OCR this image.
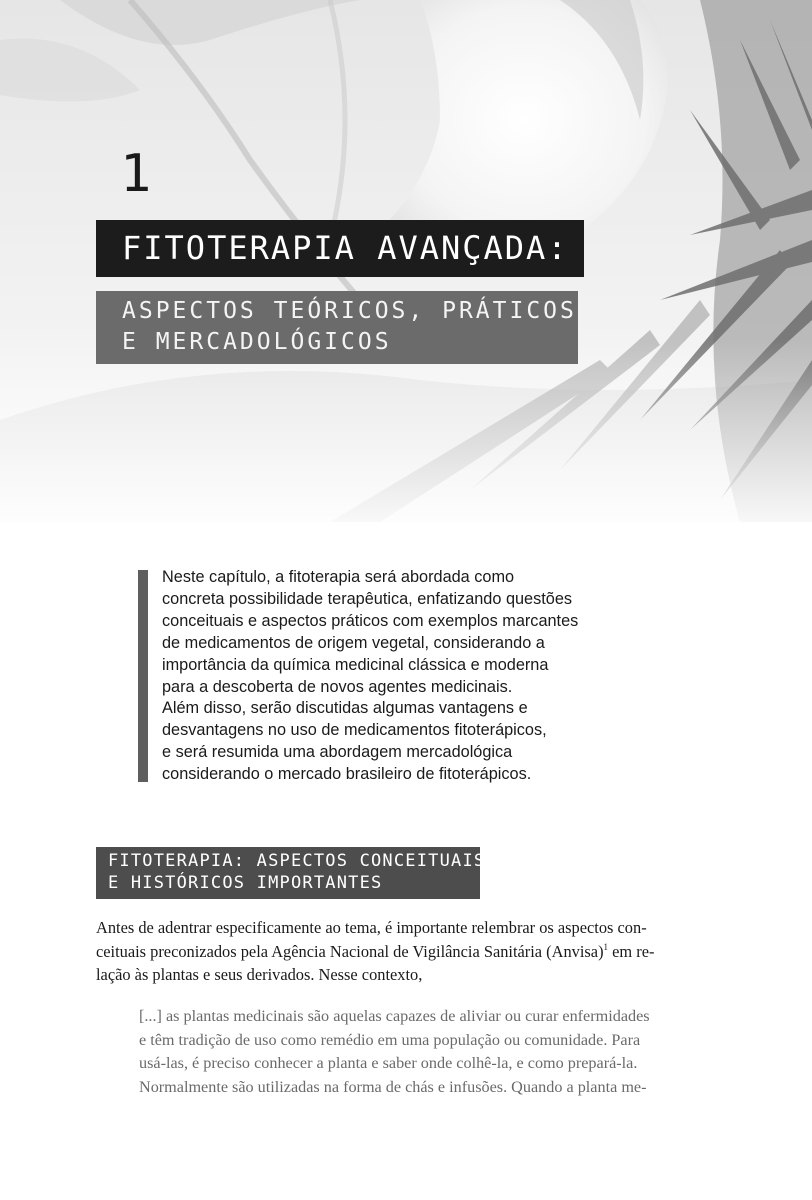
1
FITOTERAPIA AVANÇADA:
ASPECTOS TEÓRICOS, PRÁTICOS
E MERCADOLÓGICOS
Neste capítulo, a fitoterapia será abordada como
concreta possibilidade terapêutica, enfatizando questões
conceituais e aspectos práticos com exemplos marcantes
de medicamentos de origem vegetal, considerando a
importância da química medicinal clássica e moderna
para a descoberta de novos agentes medicinais.
Além disso, serão discutidas algumas vantagens e
desvantagens no uso de medicamentos fitoterápicos,
e será resumida uma abordagem mercadológica
considerando o mercado brasileiro de fitoterápicos.
FITOTERAPIA: ASPECTOS CONCEITUAIS
E HISTÓRICOS IMPORTANTES
Antes de adentrar especificamente ao tema, é importante relembrar os aspectos con-
ceituais preconizados pela Agência Nacional de Vigilância Sanitária (Anvisa)$^1$ em re-
lação às plantas e seus derivados. Nesse contexto,
[...] as plantas medicinais são aquelas capazes de aliviar ou curar enfermidades
e têm tradição de uso como remédio em uma população ou comunidade. Para
usá-las, é preciso conhecer a planta e saber onde colhê-la, e como prepará-la.
Normalmente são utilizadas na forma de chás e infusões. Quando a planta me-
